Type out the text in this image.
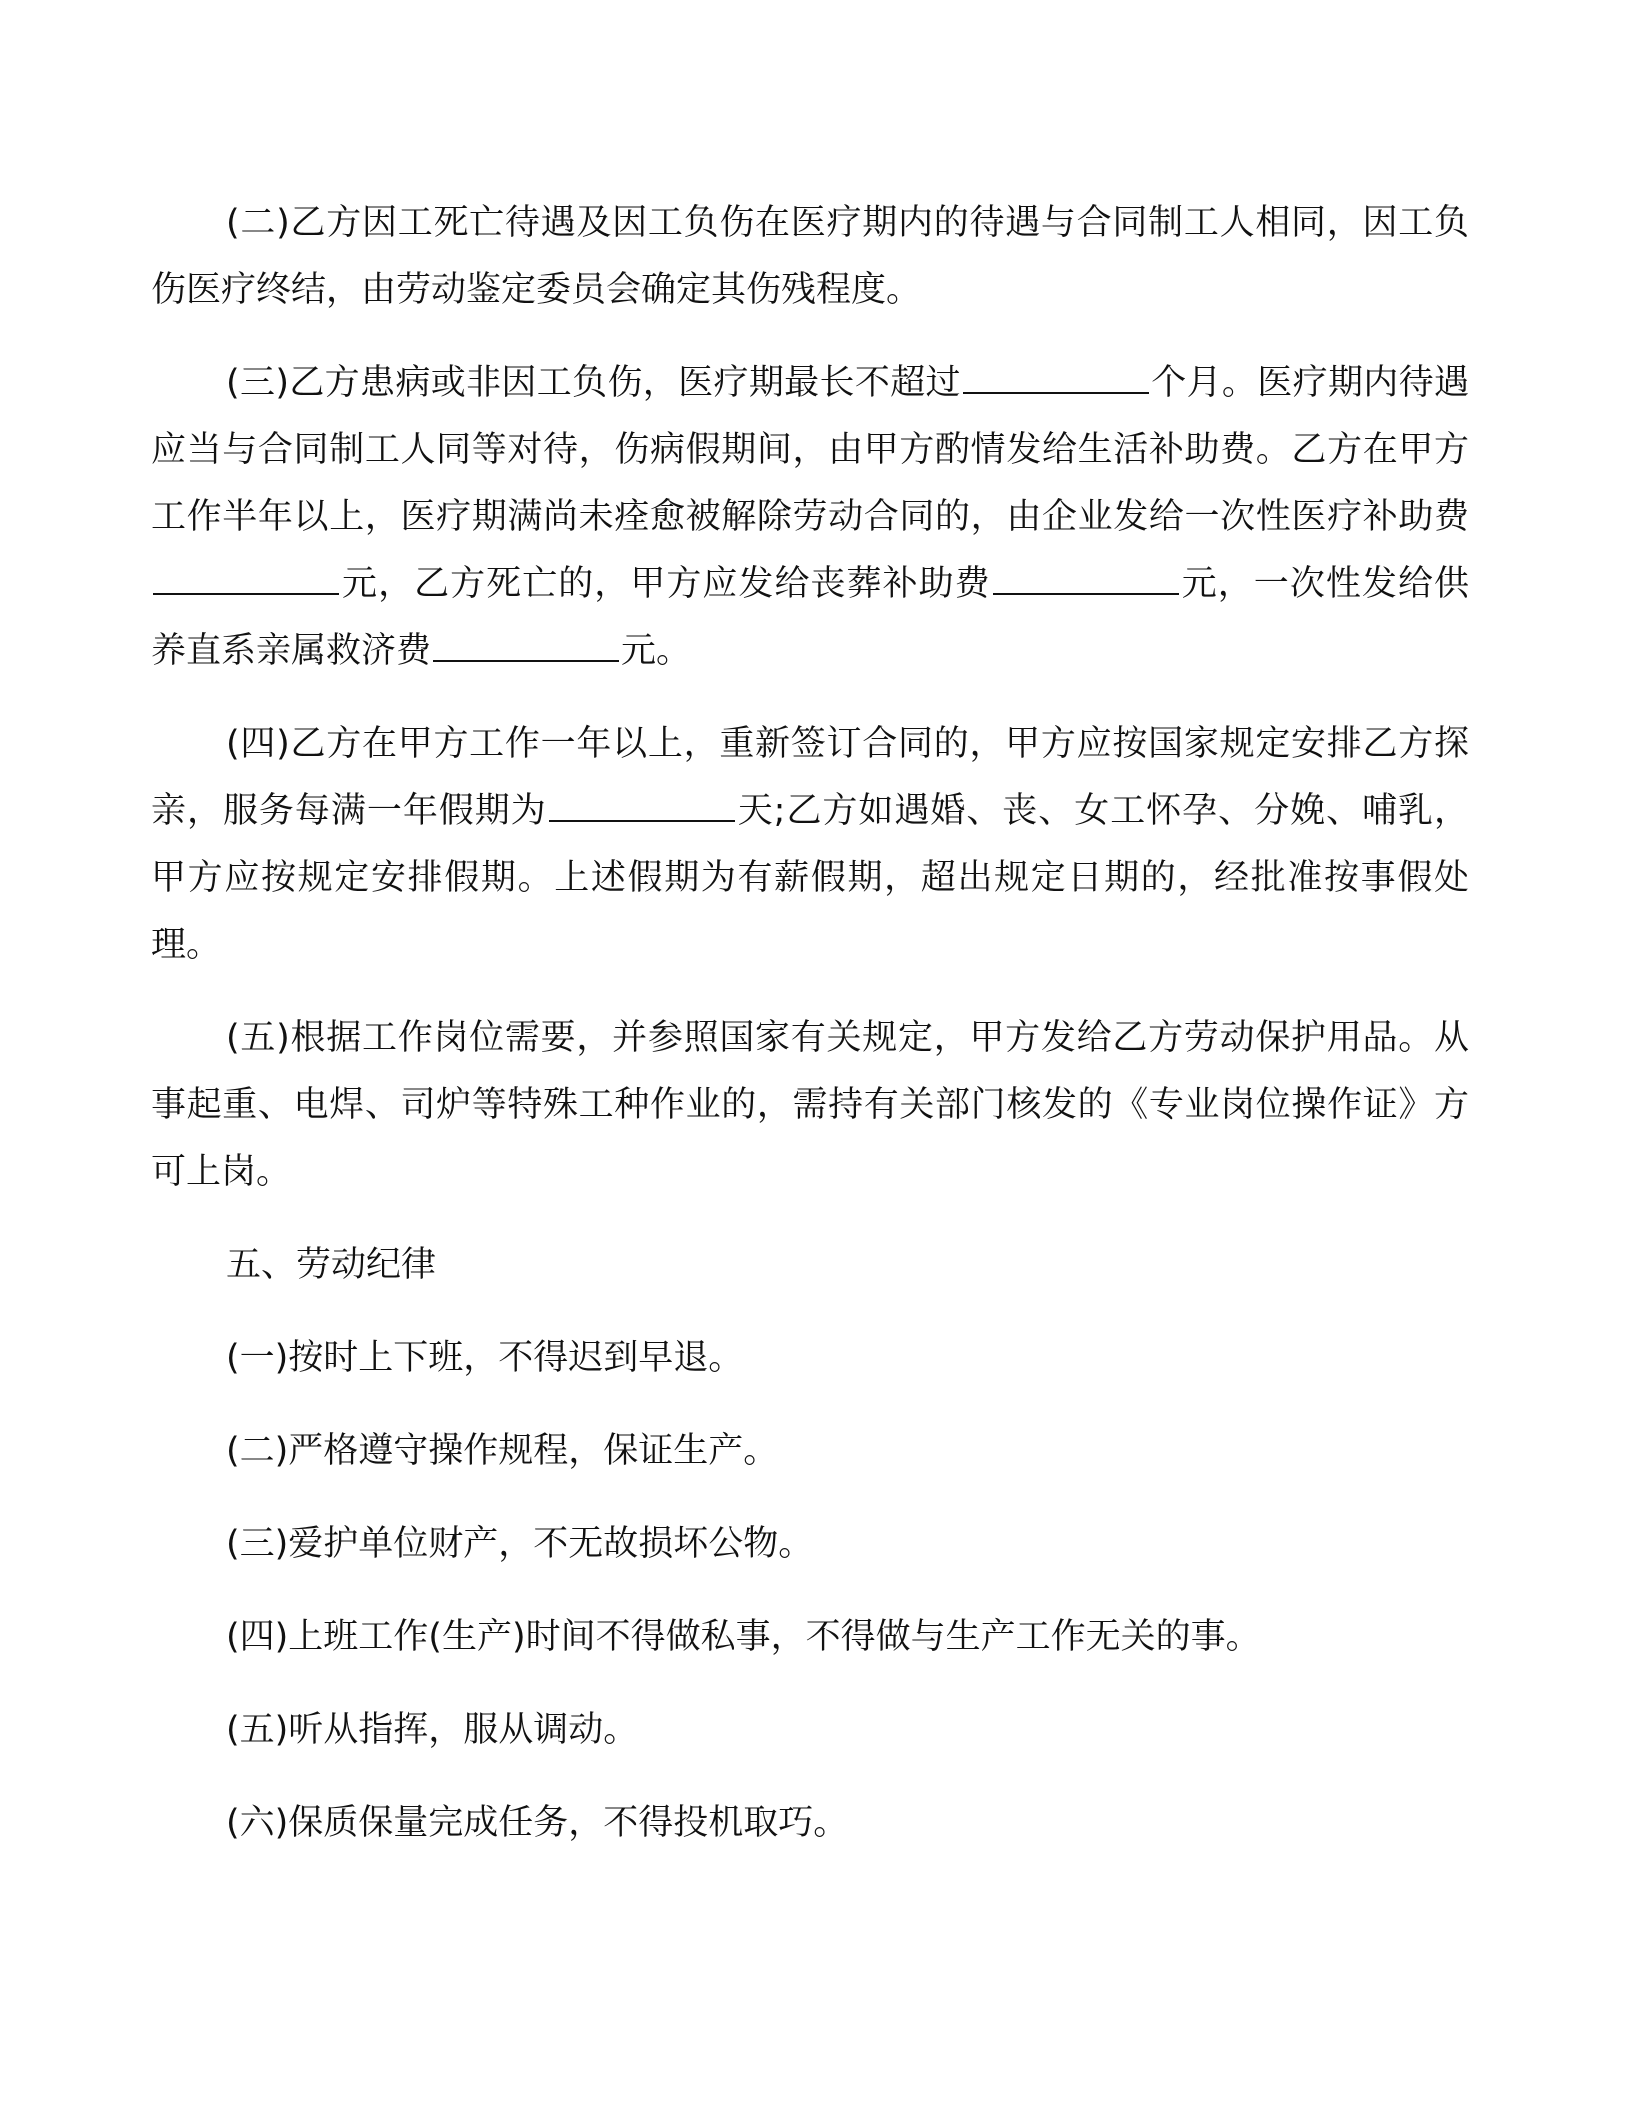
(二)乙方因工死亡待遇及因工负伤在医疗期内的待遇与合同制工人相同，因工负伤医疗终结，由劳动鉴定委员会确定其伤残程度。

(三)乙方患病或非因工负伤，医疗期最长不超过	个月。医疗期内待遇应当与合同制工人同等对待，伤病假期间，由甲方酌情发给生活补助费。乙方在甲方工作半年以上，医疗期满尚未痊愈被解除劳动合同的，由企业发给一次性医疗补助费元，乙方死亡的，甲方应发给丧葬补助费	元，一次性发给供养直系亲属救济费	元。

(四)乙方在甲方工作一年以上，重新签订合同的，甲方应按国家规定安排乙方探亲，服务每满一年假期为	天;乙方如遇婚、丧、女工怀孕、分娩、哺乳，甲方应按规定安排假期。上述假期为有薪假期，超出规定日期的，经批准按事假处理。

(五)根据工作岗位需要，并参照国家有关规定，甲方发给乙方劳动保护用品。从事起重、电焊、司炉等特殊工种作业的，需持有关部门核发的《专业岗位操作证》方可上岗。

五、劳动纪律

(一)按时上下班，不得迟到早退。

(二)严格遵守操作规程，保证生产。

(三)爱护单位财产，不无故损坏公物。

(四)上班工作(生产)时间不得做私事，不得做与生产工作无关的事。

(五)听从指挥，服从调动。

(六)保质保量完成任务，不得投机取巧。
